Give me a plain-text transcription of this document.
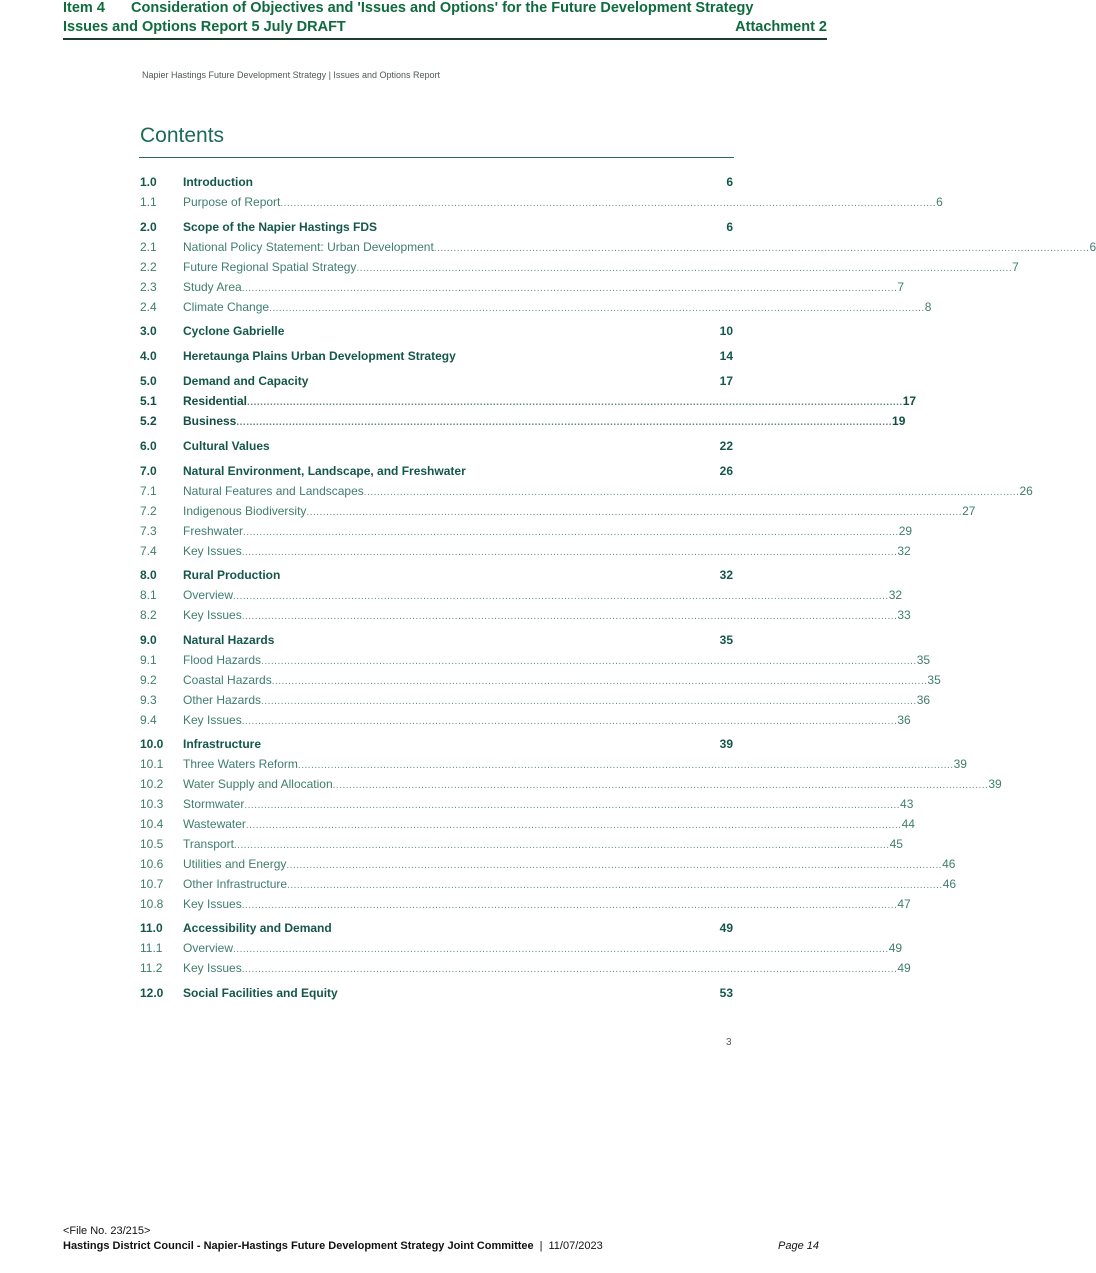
Item 4 Consideration of Objectives and 'Issues and Options' for the Future Development Strategy
Issues and Options Report 5 July DRAFT	Attachment 2
Napier Hastings Future Development Strategy | Issues and Options Report
Contents
1.0	Introduction	6
1.1	Purpose of Report ........................................................................................................................................................................................................ 6
2.0	Scope of the Napier Hastings FDS	6
2.1	National Policy Statement: Urban Development ........................................................................................................................................................................................................ 6
2.2	Future Regional Spatial Strategy ........................................................................................................................................................................................................ 7
2.3	Study Area ........................................................................................................................................................................................................ 7
2.4	Climate Change ........................................................................................................................................................................................................ 8
3.0	Cyclone Gabrielle	10
4.0	Heretaunga Plains Urban Development Strategy	14
5.0	Demand and Capacity	17
5.1	Residential ........................................................................................................................................................................................................ 17
5.2	Business ........................................................................................................................................................................................................ 19
6.0	Cultural Values	22
7.0	Natural Environment, Landscape, and Freshwater	26
7.1	Natural Features and Landscapes ........................................................................................................................................................................................................ 26
7.2	Indigenous Biodiversity ........................................................................................................................................................................................................ 27
7.3	Freshwater ........................................................................................................................................................................................................ 29
7.4	Key Issues ........................................................................................................................................................................................................ 32
8.0	Rural Production	32
8.1	Overview ........................................................................................................................................................................................................ 32
8.2	Key Issues ........................................................................................................................................................................................................ 33
9.0	Natural Hazards	35
9.1	Flood Hazards ........................................................................................................................................................................................................ 35
9.2	Coastal Hazards ........................................................................................................................................................................................................ 35
9.3	Other Hazards ........................................................................................................................................................................................................ 36
9.4	Key Issues ........................................................................................................................................................................................................ 36
10.0	Infrastructure	39
10.1	Three Waters Reform ........................................................................................................................................................................................................ 39
10.2	Water Supply and Allocation ........................................................................................................................................................................................................ 39
10.3	Stormwater ........................................................................................................................................................................................................ 43
10.4	Wastewater ........................................................................................................................................................................................................ 44
10.5	Transport ........................................................................................................................................................................................................ 45
10.6	Utilities and Energy ........................................................................................................................................................................................................ 46
10.7	Other Infrastructure ........................................................................................................................................................................................................ 46
10.8	Key Issues ........................................................................................................................................................................................................ 47
11.0	Accessibility and Demand	49
11.1	Overview ........................................................................................................................................................................................................ 49
11.2	Key Issues ........................................................................................................................................................................................................ 49
12.0	Social Facilities and Equity	53
3
<File No. 23/215>
Hastings District Council - Napier-Hastings Future Development Strategy Joint Committee | 11/07/2023	Page 14
